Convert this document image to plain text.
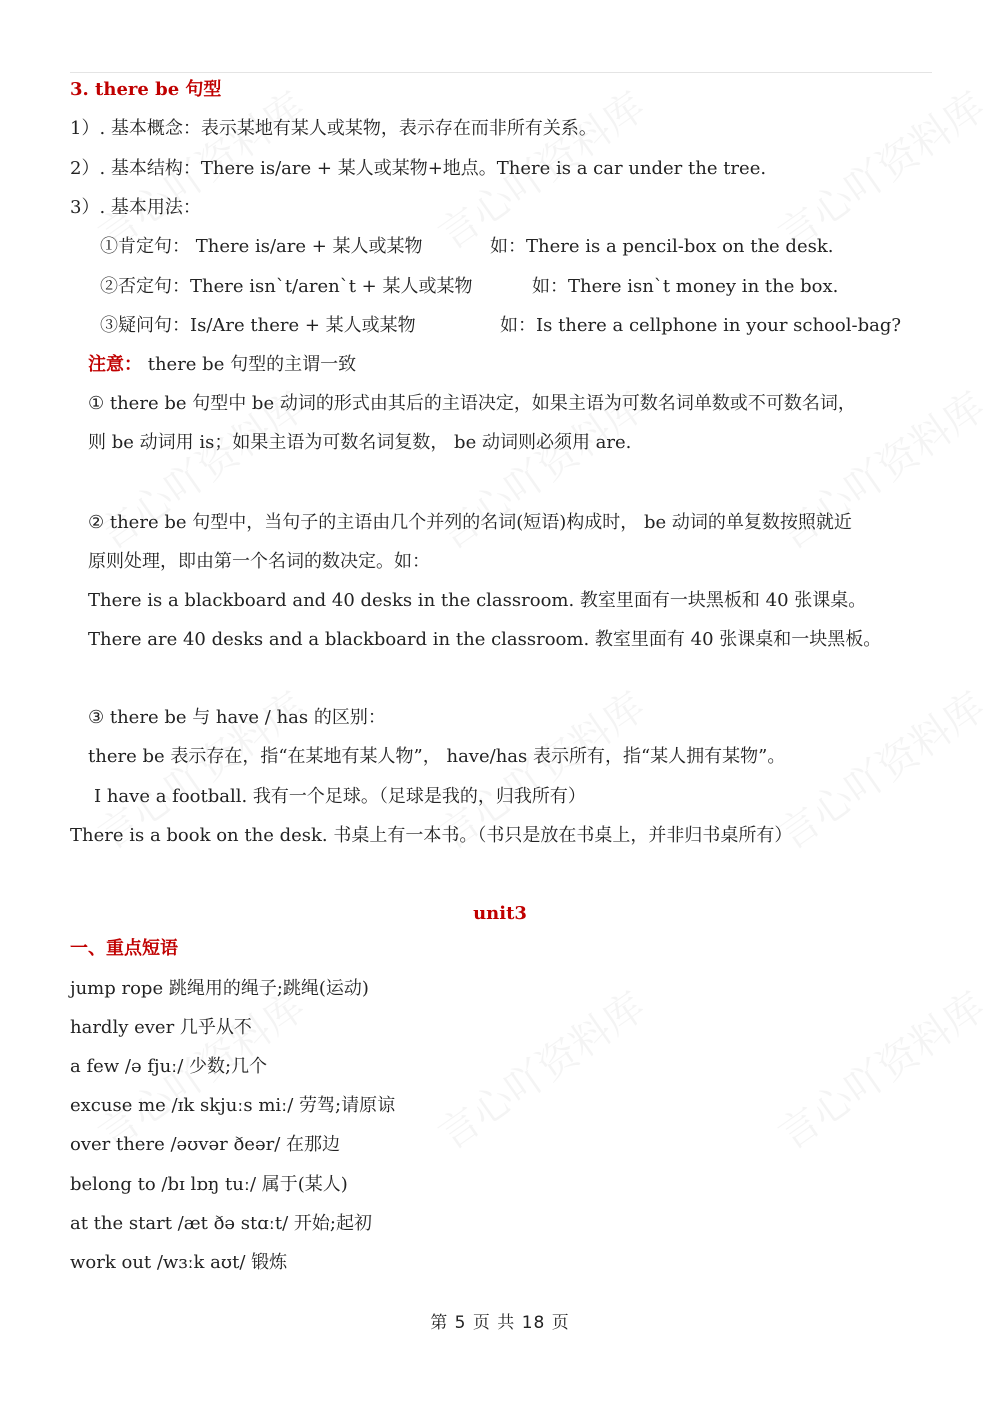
3. there be 句型
1）. 基本概念：表示某地有某人或某物，表示存在而非所有关系。
2）. 基本结构：There is/are + 某人或某物+地点。There is a car under the tree.
3）. 基本用法：
①肯定句： There is/are + 某人或某物	如：There is a pencil-box on the desk.
②否定句：There isn`t/aren`t + 某人或某物	如：There isn`t money in the box.
③疑问句：Is/Are there + 某人或某物	如：Is there a cellphone in your school-bag?
注意： there be 句型的主谓一致
① there be 句型中 be 动词的形式由其后的主语决定，如果主语为可数名词单数或不可数名词，
则 be 动词用 is；如果主语为可数名词复数， be 动词则必须用 are.
② there be 句型中，当句子的主语由几个并列的名词(短语)构成时， be 动词的单复数按照就近
原则处理，即由第一个名词的数决定。如：
There is a blackboard and 40 desks in the classroom. 教室里面有一块黑板和 40 张课桌。
There are 40 desks and a blackboard in the classroom. 教室里面有 40 张课桌和一块黑板。
③ there be 与 have / has 的区别：
there be 表示存在，指“在某地有某人物”， have/has 表示所有，指“某人拥有某物”。
I have a football. 我有一个足球。（足球是我的，归我所有）
There is a book on the desk. 书桌上有一本书。（书只是放在书桌上，并非归书桌所有）
unit3
一、重点短语
jump rope 跳绳用的绳子;跳绳(运动)
hardly ever 几乎从不
a few /ə fjuː/ 少数;几个
excuse me /ɪk skjuːs miː/ 劳驾;请原谅
over there /əʊvər ðeər/ 在那边
belong to /bɪ lɒŋ tuː/ 属于(某人)
at the start /æt ðə stɑːt/ 开始;起初
work out /wɜːk aʊt/ 锻炼
第 5 页 共 18 页
